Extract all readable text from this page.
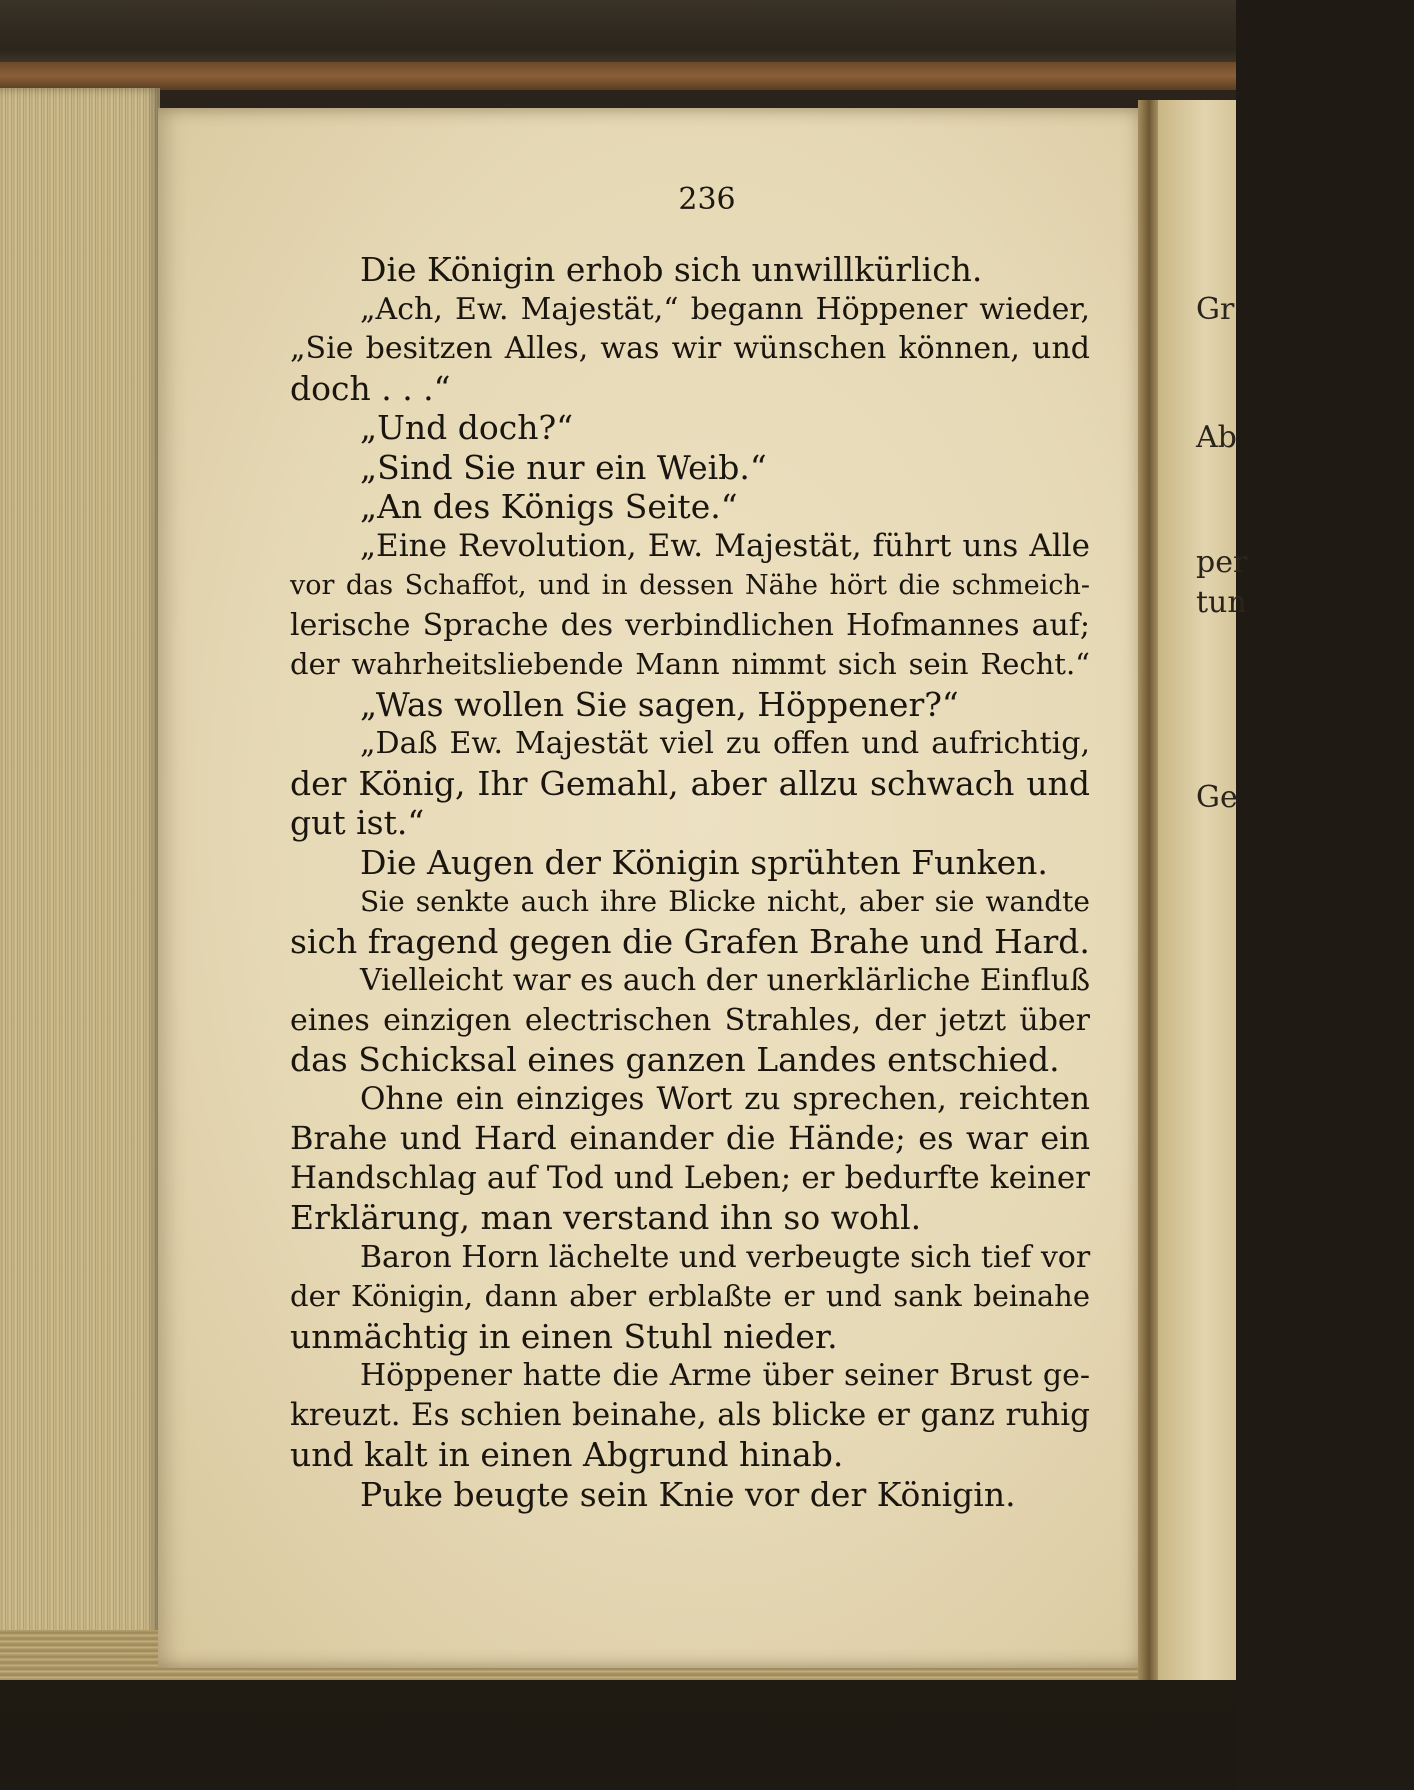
Gr
Ab
per
tun
Ge
236
Die Königin erhob sich unwillkürlich.
„Ach, Ew. Majestät,“ begann Höppener wieder,
„Sie besitzen Alles, was wir wünschen können, und
doch . . .“
„Und doch?“
„Sind Sie nur ein Weib.“
„An des Königs Seite.“
„Eine Revolution, Ew. Majestät, führt uns Alle
vor das Schaffot, und in dessen Nähe hört die schmeich-
lerische Sprache des verbindlichen Hofmannes auf;
der wahrheitsliebende Mann nimmt sich sein Recht.“
„Was wollen Sie sagen, Höppener?“
„Daß Ew. Majestät viel zu offen und aufrichtig,
der König, Ihr Gemahl, aber allzu schwach und
gut ist.“
Die Augen der Königin sprühten Funken.
Sie senkte auch ihre Blicke nicht, aber sie wandte
sich fragend gegen die Grafen Brahe und Hard.
Vielleicht war es auch der unerklärliche Einfluß
eines einzigen electrischen Strahles, der jetzt über
das Schicksal eines ganzen Landes entschied.
Ohne ein einziges Wort zu sprechen, reichten
Brahe und Hard einander die Hände; es war ein
Handschlag auf Tod und Leben; er bedurfte keiner
Erklärung, man verstand ihn so wohl.
Baron Horn lächelte und verbeugte sich tief vor
der Königin, dann aber erblaßte er und sank beinahe
unmächtig in einen Stuhl nieder.
Höppener hatte die Arme über seiner Brust ge-
kreuzt. Es schien beinahe, als blicke er ganz ruhig
und kalt in einen Abgrund hinab.
Puke beugte sein Knie vor der Königin.
